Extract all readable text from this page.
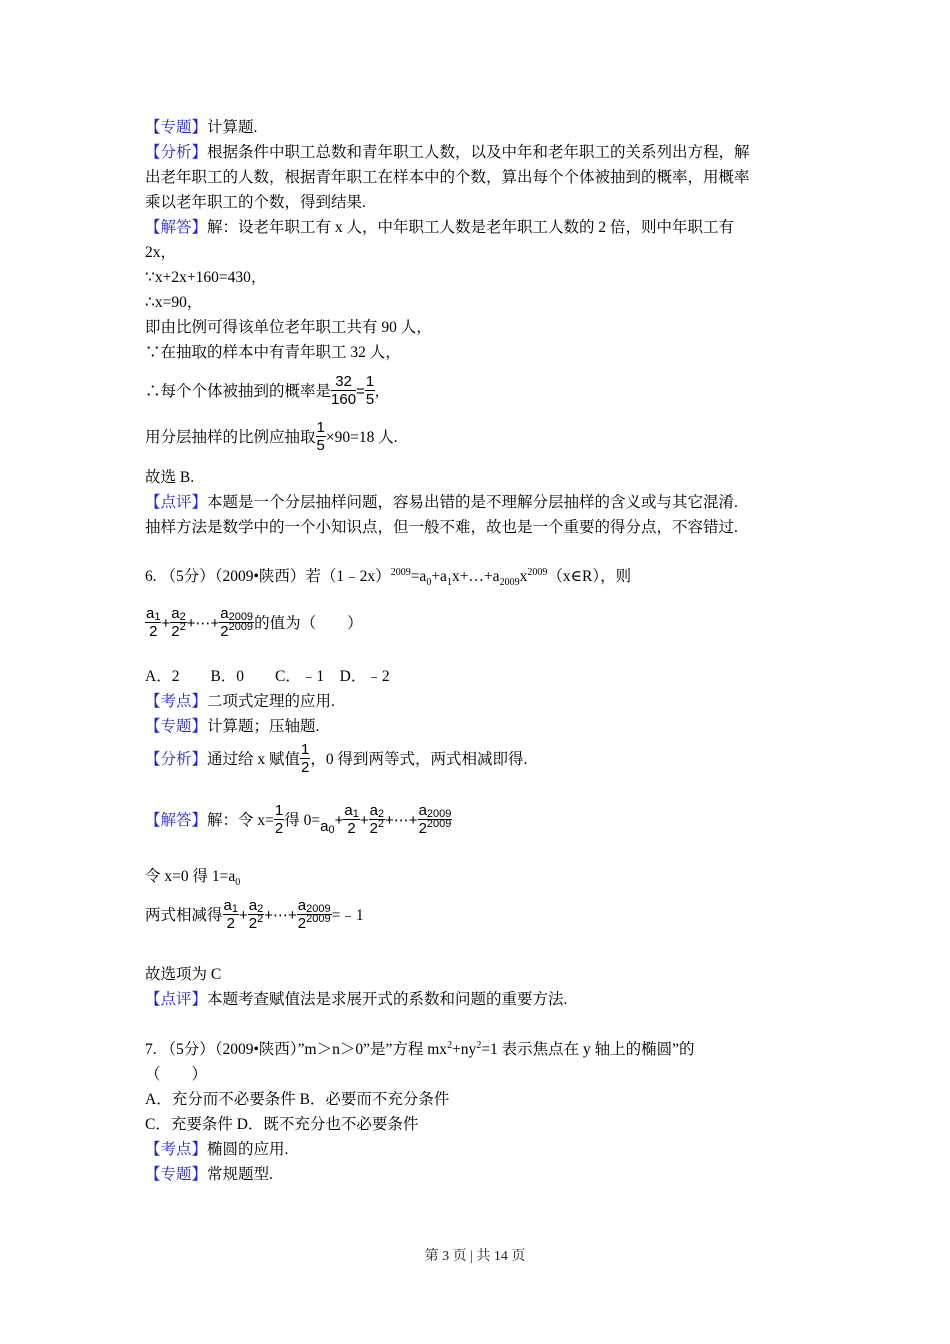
【专题】计算题.
【分析】根据条件中职工总数和青年职工人数，以及中年和老年职工的关系列出方程，解
出老年职工的人数，根据青年职工在样本中的个数，算出每个个体被抽到的概率，用概率
乘以老年职工的个数，得到结果.
【解答】解：设老年职工有 x 人，中年职工人数是老年职工人数的 2 倍，则中年职工有
2x，
∵x+2x+160=430，
∴x=90，
即由比例可得该单位老年职工共有 90 人，
∵在抽取的样本中有青年职工 32 人，
∴每个个体被抽到的概率是 $\frac{32}{160} = \frac{1}{5}$ ,
用分层抽样的比例应抽取 $\frac{1}{5} \times 90=18$ 人.
故选 B.
【点评】本题是一个分层抽样问题，容易出错的是不理解分层抽样的含义或与其它混淆.
抽样方法是数学中的一个小知识点，但一般不难，故也是一个重要的得分点，不容错过.
6. （5分）（2009•陕西）若$(1﹣2x)^{2009}=a_0+a_1x+\dots+a_{2009}x^{2009}(x\in R)$，则
$\frac{a1}{2} + \frac{a2}{2^2}$ +⋯+ $\frac{a2009}{2^{2009}}$ 的值为（　　）
A．2　　B．0　　C．﹣1　D．﹣2
【考点】二项式定理的应用.
【专题】计算题；压轴题.
【分析】通过给 x 赋值 $\frac{1}{2}$ ，0 得到两等式，两式相减即得.
【解答】解：令 $x= \frac{1}{2}$ 得 $0=a0+ \frac{a1}{2} + \frac{a2}{2^2}$ +⋯+ $\frac{a2009}{2^{2009}}$
令 x=0 得 $1=a_0$
两式相减得 $\frac{a1}{2} + \frac{a2}{2^2}$ +⋯+ $\frac{a2009}{2^{2009}}$ =﹣1
故选项为 C
【点评】本题考查赋值法是求展开式的系数和问题的重要方法.
7. （5分）（2009•陕西）”m＞n＞0”是”方程 $mx^2+ny^2=1$ 表示焦点在 y 轴上的椭圆”的
（　　）
A．充分而不必要条件 B．必要而不充分条件
C．充要条件 D．既不充分也不必要条件
【考点】椭圆的应用.
【专题】常规题型.
第 3 页 | 共 14 页
